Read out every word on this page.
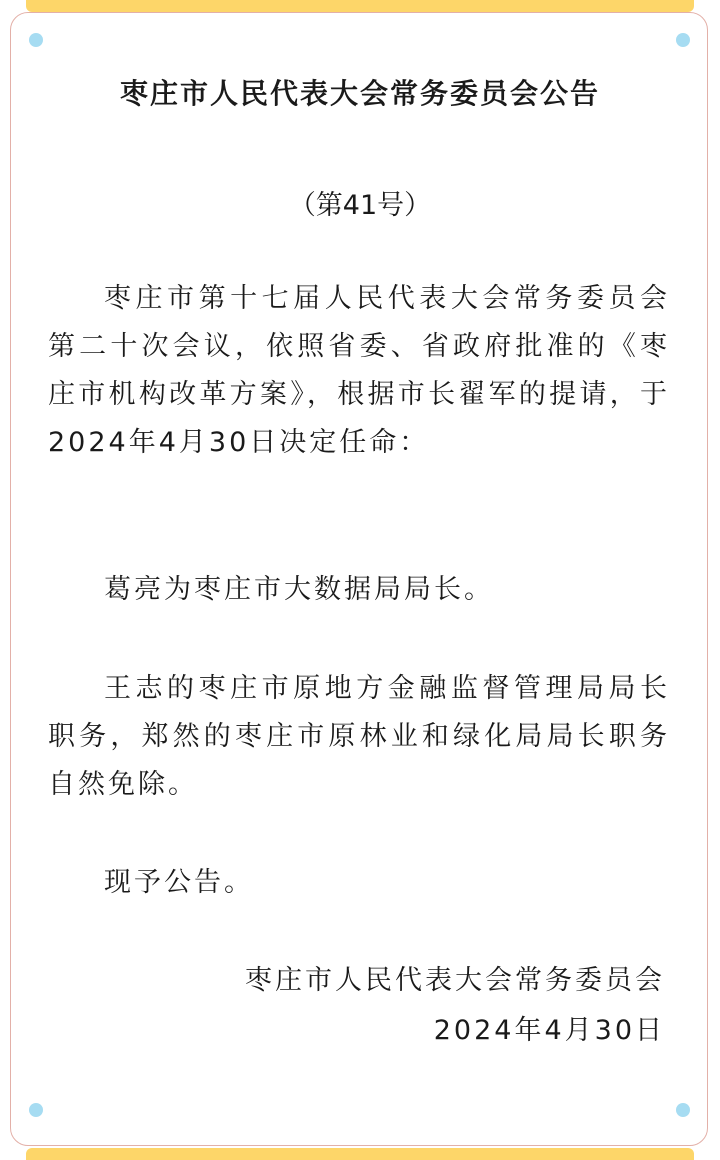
枣庄市人民代表大会常务委员会公告
（第41号）

枣庄市第十七届人民代表大会常务委员会第二十次会议，依照省委、省政府批准的《枣庄市机构改革方案》，根据市长翟军的提请，于2024年4月30日决定任命：

葛亮为枣庄市大数据局局长。

王志的枣庄市原地方金融监督管理局局长职务，郑然的枣庄市原林业和绿化局局长职务自然免除。

现予公告。

枣庄市人民代表大会常务委员会
2024年4月30日
